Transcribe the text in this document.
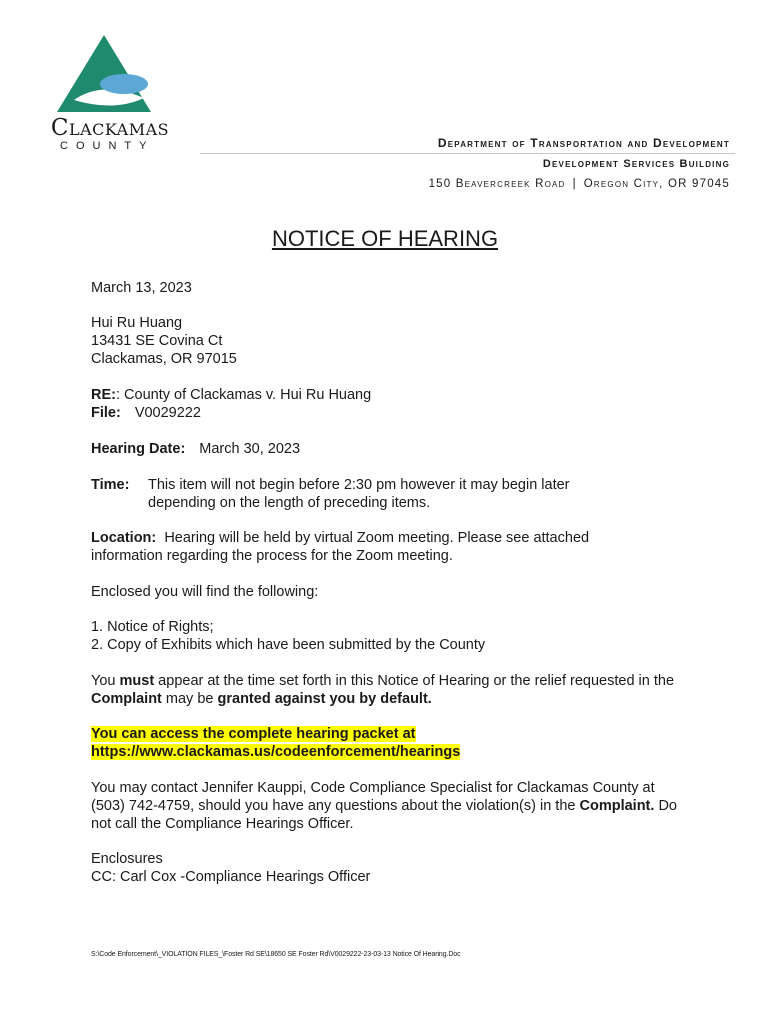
Clackamas
COUNTY	Department of Transportation and Development
Development Services Building
150 Beavercreek Road | Oregon City, OR 97045
NOTICE OF HEARING
March 13, 2023
Hui Ru Huang
13431 SE Covina Ct
Clackamas, OR 97015
RE:: County of Clackamas v. Hui Ru Huang
File: V0029222
Hearing Date: March 30, 2023
Time:	This item will not begin before 2:30 pm however it may begin later depending on the length of preceding items.
Location: Hearing will be held by virtual Zoom meeting. Please see attached information regarding the process for the Zoom meeting.
Enclosed you will find the following:
1. Notice of Rights;
2. Copy of Exhibits which have been submitted by the County
You must appear at the time set forth in this Notice of Hearing or the relief requested in the Complaint may be granted against you by default.
You can access the complete hearing packet at
https://www.clackamas.us/codeenforcement/hearings
You may contact Jennifer Kauppi, Code Compliance Specialist for Clackamas County at (503) 742-4759, should you have any questions about the violation(s) in the Complaint. Do not call the Compliance Hearings Officer.
Enclosures
CC: Carl Cox -Compliance Hearings Officer
S:\Code Enforcement\_VIOLATION FILES_\Foster Rd SE\18650 SE Foster Rd\V0029222-23-03-13 Notice Of Hearing.Doc
